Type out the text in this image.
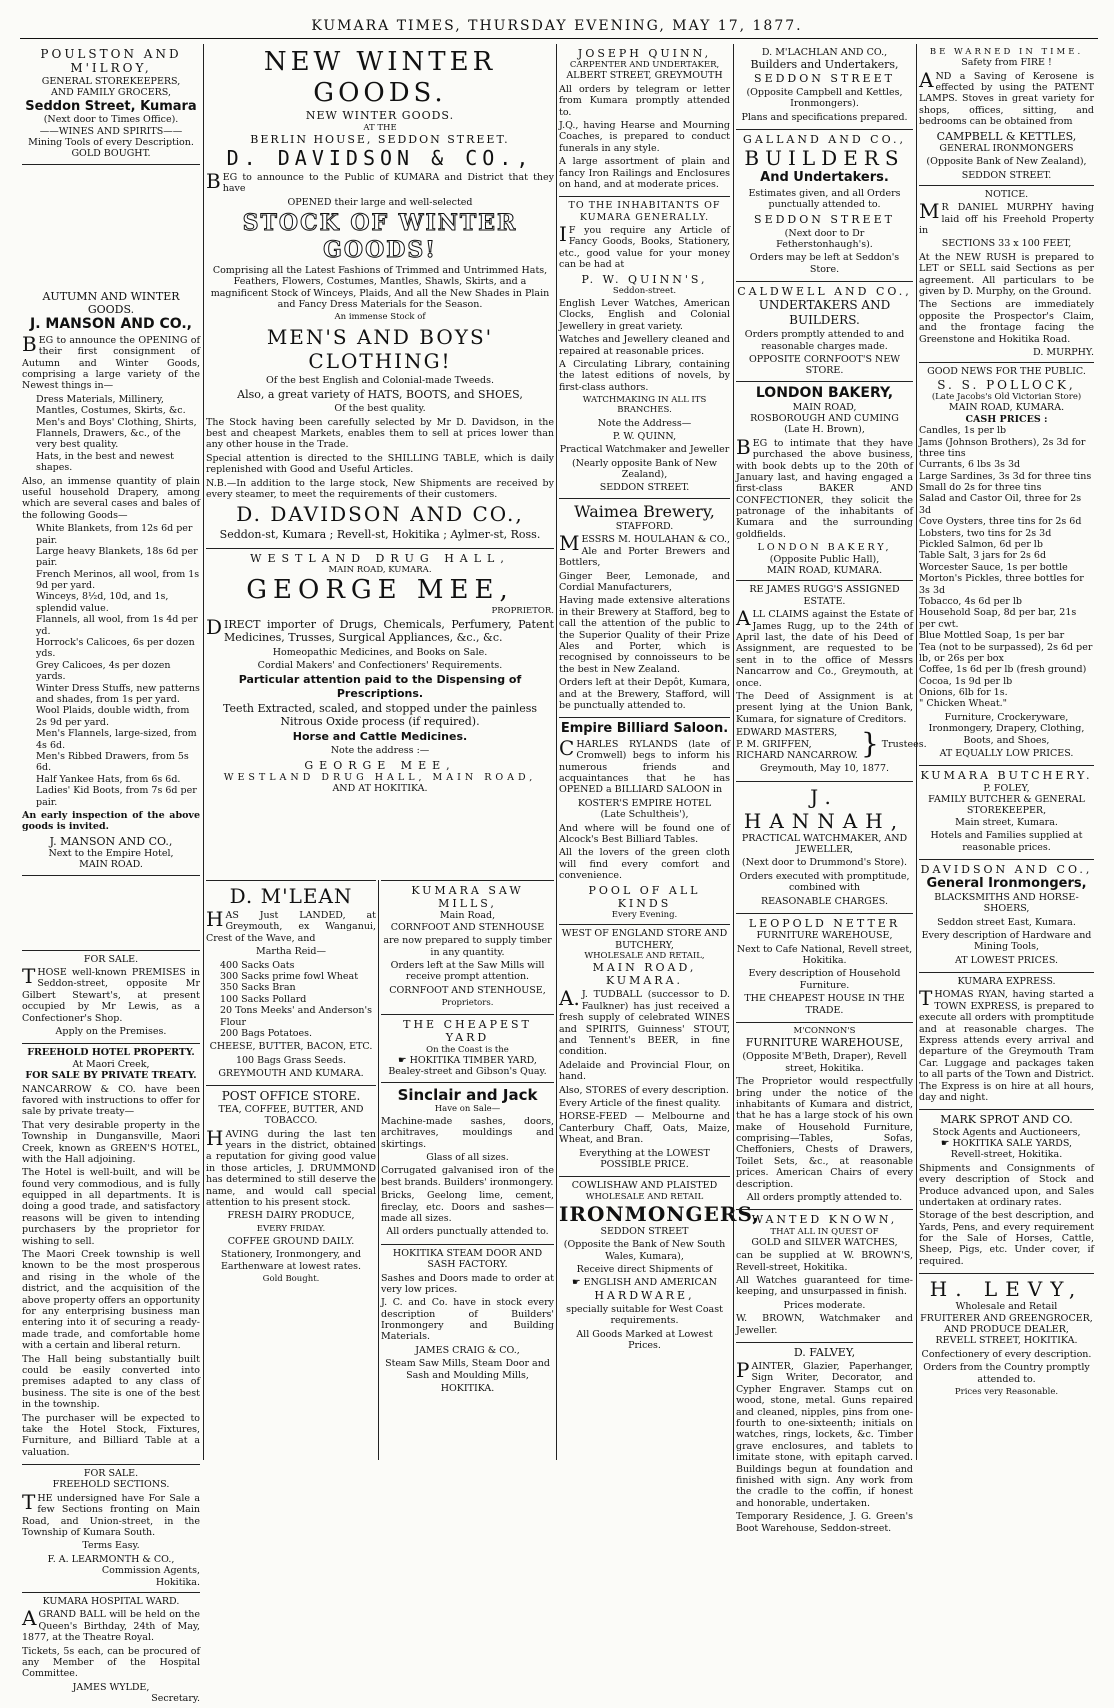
KUMARA TIMES, THURSDAY EVENING, MAY 17, 1877.
POULSTON AND M'ILROY,
GENERAL STOREKEEPERS,
AND FAMILY GROCERS,
Seddon Street, Kumara
(Next door to Times Office).
——WINES AND SPIRITS——
Mining Tools of every Description.
GOLD BOUGHT.
AUTUMN AND WINTER GOODS.
J. MANSON AND CO.,

BEG to announce the OPENING of their first consignment of Autumn and Winter Goods, comprising a large variety of the Newest things in—

Dress Materials, Millinery, Mantles, Costumes, Skirts, &c.
Men's and Boys' Clothing, Shirts, Flannels, Drawers, &c., of the very best quality.
Hats, in the best and newest shapes.

Also, an immense quantity of plain useful household Drapery, among which are several cases and bales of the following Goods—

White Blankets, from 12s 6d per pair.
Large heavy Blankets, 18s 6d per pair.
French Merinos, all wool, from 1s 9d per yard.
Winceys, 8½d, 10d, and 1s, splendid value.
Flannels, all wool, from 1s 4d per yd.
Horrock's Calicoes, 6s per dozen yds.
Grey Calicoes, 4s per dozen yards.
Winter Dress Stuffs, new patterns and shades, from 1s per yard.
Wool Plaids, double width, from 2s 9d per yard.
Men's Flannels, large-sized, from 4s 6d.
Men's Ribbed Drawers, from 5s 6d.
Half Yankee Hats, from 6s 6d.
Ladies' Kid Boots, from 7s 6d per pair.

An early inspection of the above goods is invited.

J. MANSON AND CO.,
Next to the Empire Hotel,
MAIN ROAD.
FOR SALE.

THOSE well-known PREMISES in Seddon-street, opposite Mr Gilbert Stewart's, at present occupied by Mr Lewis, as a Confectioner's Shop.

Apply on the Premises.

FREEHOLD HOTEL PROPERTY.
At Maori Creek,
FOR SALE BY PRIVATE TREATY.

NANCARROW & CO. have been favored with instructions to offer for sale by private treaty—

That very desirable property in the Township in Dungansville, Maori Creek, known as GREEN'S HOTEL, with the Hall adjoining.

The Hotel is well-built, and will be found very commodious, and is fully equipped in all departments. It is doing a good trade, and satisfactory reasons will be given to intending purchasers by the proprietor for wishing to sell.

The Maori Creek township is well known to be the most prosperous and rising in the whole of the district, and the acquisition of the above property offers an opportunity for any enterprising business man entering into it of securing a ready-made trade, and comfortable home with a certain and liberal return.

The Hall being substantially built could be easily converted into premises adapted to any class of business. The site is one of the best in the township.

The purchaser will be expected to take the Hotel Stock, Fixtures, Furniture, and Billiard Table at a valuation.

FOR SALE.
FREEHOLD SECTIONS.

THE undersigned have For Sale a few Sections fronting on Main Road, and Union-street, in the Township of Kumara South.

Terms Easy.

F. A. LEARMONTH & CO.,
Commission Agents,
Hokitika.
KUMARA HOSPITAL WARD.

AGRAND BALL will be held on the Queen's Birthday, 24th of May, 1877, at the Theatre Royal.

Tickets, 5s each, can be procured of any Member of the Hospital Committee.

JAMES WYLDE,
Secretary.
NEW WINTER GOODS.
NEW WINTER GOODS.
AT THE
BERLIN HOUSE, SEDDON STREET.
D. DAVIDSON & CO.,

BEG to announce to the Public of KUMARA and District that they have

OPENED their large and well-selected

STOCK OF WINTER GOODS!

Comprising all the Latest Fashions of Trimmed and Untrimmed Hats, Feathers, Flowers, Costumes, Mantles, Shawls, Skirts, and a magnificent Stock of Winceys, Plaids, And all the New Shades in Plain and Fancy Dress Materials for the Season.

An immense Stock of

MEN'S AND BOYS' CLOTHING!

Of the best English and Colonial-made Tweeds.

Also, a great variety of HATS, BOOTS, and SHOES,

Of the best quality.

The Stock having been carefully selected by Mr D. Davidson, in the best and cheapest Markets, enables them to sell at prices lower than any other house in the Trade.

Special attention is directed to the SHILLING TABLE, which is daily replenished with Good and Useful Articles.

N.B.—In addition to the large stock, New Shipments are received by every steamer, to meet the requirements of their customers.

D. DAVIDSON AND CO.,

Seddon-st, Kumara ; Revell-st, Hokitika ; Aylmer-st, Ross.

WESTLAND DRUG HALL,
MAIN ROAD, KUMARA.
GEORGE MEE,
PROPRIETOR.

DIRECT importer of Drugs, Chemicals, Perfumery, Patent Medicines, Trusses, Surgical Appliances, &c., &c.

Homeopathic Medicines, and Books on Sale.

Cordial Makers' and Confectioners' Requirements.

Particular attention paid to the Dispensing of Prescriptions.

Teeth Extracted, scaled, and stopped under the painless Nitrous Oxide process (if required).

Horse and Cattle Medicines.

Note the address :—

GEORGE MEE,
WESTLAND DRUG HALL, MAIN ROAD,
AND AT HOKITIKA.
D. M'LEAN

HAS Just LANDED, at Greymouth, ex Wanganui, Crest of the Wave, and

Martha Reid—

400 Sacks Oats
300 Sacks prime fowl Wheat
350 Sacks Bran
100 Sacks Pollard
20 Tons Meeks' and Anderson's Flour
200 Bags Potatoes.

CHEESE, BUTTER, BACON, ETC.

100 Bags Grass Seeds.

GREYMOUTH AND KUMARA.

POST OFFICE STORE.
TEA, COFFEE, BUTTER, AND TOBACCO.

HAVING during the last ten years in the district, obtained a reputation for giving good value in those articles, J. DRUMMOND has determined to still deserve the name, and would call special attention to his present stock.

FRESH DAIRY PRODUCE,

EVERY FRIDAY.

COFFEE GROUND DAILY.

Stationery, Ironmongery, and Earthenware at lowest rates.

Gold Bought.

KUMARA SAW MILLS,
Main Road,
CORNFOOT AND STENHOUSE

are now prepared to supply timber in any quantity.

Orders left at the Saw Mills will receive prompt attention.

CORNFOOT AND STENHOUSE,

Proprietors.

THE CHEAPEST YARD
On the Coast is the
☛ HOKITIKA TIMBER YARD,
Bealey-street and Gibson's Quay.
Sinclair and Jack
Have on Sale—

Machine-made sashes, doors, architraves, mouldings and skirtings.

Glass of all sizes.

Corrugated galvanised iron of the best brands. Builders' ironmongery.

Bricks, Geelong lime, cement, fireclay, etc. Doors and sashes—made all sizes.

All orders punctually attended to.

HOKITIKA STEAM DOOR AND SASH FACTORY.

Sashes and Doors made to order at very low prices.

J. C. and Co. have in stock every description of Builders' Ironmongery and Building Materials.

JAMES CRAIG & CO.,

Steam Saw Mills, Steam Door and Sash and Moulding Mills,

HOKITIKA.

JOSEPH QUINN,
CARPENTER AND UNDERTAKER,
ALBERT STREET, GREYMOUTH

All orders by telegram or letter from Kumara promptly attended to.

J.Q., having Hearse and Mourning Coaches, is prepared to conduct funerals in any style.

A large assortment of plain and fancy Iron Railings and Enclosures on hand, and at moderate prices.

TO THE INHABITANTS OF KUMARA GENERALLY.

IF you require any Article of Fancy Goods, Books, Stationery, etc., good value for your money can be had at

P. W. QUINN'S,
Seddon-street.

English Lever Watches, American Clocks, English and Colonial Jewellery in great variety.

Watches and Jewellery cleaned and repaired at reasonable prices.

A Circulating Library, containing the latest editions of novels, by first-class authors.

WATCHMAKING IN ALL ITS BRANCHES.

Note the Address—

P. W. QUINN,

Practical Watchmaker and Jeweller

(Nearly opposite Bank of New Zealand),

SEDDON STREET.
Waimea Brewery,
STAFFORD.

MESSRS M. HOULAHAN & CO., Ale and Porter Brewers and Bottlers,

Ginger Beer, Lemonade, and Cordial Manufacturers,

Having made extensive alterations in their Brewery at Stafford, beg to call the attention of the public to the Superior Quality of their Prize Ales and Porter, which is recognised by connoisseurs to be the best in New Zealand.

Orders left at their Depôt, Kumara, and at the Brewery, Stafford, will be punctually attended to.

Empire Billiard Saloon.

CHARLES RYLANDS (late of Cromwell) begs to inform his numerous friends and acquaintances that he has OPENED a BILLIARD SALOON in

KOSTER'S EMPIRE HOTEL
(Late Schultheis'),

And where will be found one of Alcock's Best Billiard Tables.

All the lovers of the green cloth will find every comfort and convenience.

POOL OF ALL KINDS
Every Evening.
WEST OF ENGLAND STORE AND BUTCHERY,
WHOLESALE AND RETAIL,
MAIN ROAD, KUMARA.

A.J. TUDBALL (successor to D. Faulkner) has just received a fresh supply of celebrated WINES and SPIRITS, Guinness' STOUT, and Tennent's BEER, in fine condition.

Adelaide and Provincial Flour, on hand.

Also, STORES of every description.

Every Article of the finest quality.

HORSE-FEED — Melbourne and Canterbury Chaff, Oats, Maize, Wheat, and Bran.

Everything at the LOWEST POSSIBLE PRICE.

COWLISHAW AND PLAISTED
WHOLESALE AND RETAIL
IRONMONGERS,
SEDDON STREET

(Opposite the Bank of New South Wales, Kumara),

Receive direct Shipments of

☛ ENGLISH AND AMERICAN
HARDWARE,

specially suitable for West Coast requirements.

All Goods Marked at Lowest Prices.

D. M'LACHLAN AND CO.,
Builders and Undertakers,
SEDDON STREET

(Opposite Campbell and Kettles, Ironmongers).

Plans and specifications prepared.

GALLAND AND CO.,
BUILDERS
And Undertakers.

Estimates given, and all Orders punctually attended to.

SEDDON STREET

(Next door to Dr Fetherstonhaugh's).

Orders may be left at Seddon's Store.

CALDWELL AND CO.,
UNDERTAKERS AND BUILDERS.

Orders promptly attended to and reasonable charges made.

OPPOSITE CORNFOOT'S NEW STORE.
LONDON BAKERY,
MAIN ROAD,
ROSBOROUGH AND CUMING
(Late H. Brown),

BEG to intimate that they have purchased the above business, with book debts up to the 20th of January last, and having engaged a first-class BAKER AND CONFECTIONER, they solicit the patronage of the inhabitants of Kumara and the surrounding goldfields.

LONDON BAKERY,
(Opposite Public Hall),
MAIN ROAD, KUMARA.
RE JAMES RUGG'S ASSIGNED ESTATE.

ALL CLAIMS against the Estate of James Rugg, up to the 24th of April last, the date of his Deed of Assignment, are requested to be sent in to the office of Messrs Nancarrow and Co., Greymouth, at once.

The Deed of Assignment is at present lying at the Union Bank, Kumara, for signature of Creditors.

EDWARD MASTERS,
P. M. GRIFFEN,
RICHARD NANCARROW. } Trustees.

Greymouth, May 10, 1877.

J. HANNAH,
PRACTICAL WATCHMAKER, AND JEWELLER,

(Next door to Drummond's Store).

Orders executed with promptitude, combined with

REASONABLE CHARGES.

LEOPOLD NETTER
FURNITURE WAREHOUSE,

Next to Cafe National, Revell street, Hokitika.

Every description of Household Furniture.

THE CHEAPEST HOUSE IN THE TRADE.

M'CONNON'S
FURNITURE WAREHOUSE,

(Opposite M'Beth, Draper), Revell street, Hokitika.

The Proprietor would respectfully bring under the notice of the inhabitants of Kumara and district, that he has a large stock of his own make of Household Furniture, comprising—Tables, Sofas, Cheffoniers, Chests of Drawers, Toilet Sets, &c., at reasonable prices. American Chairs of every description.

All orders promptly attended to.

WANTED KNOWN,
THAT ALL IN QUEST OF
GOLD and SILVER WATCHES,

can be supplied at W. BROWN'S, Revell-street, Hokitika.

All Watches guaranteed for time-keeping, and unsurpassed in finish.

Prices moderate.

W. BROWN, Watchmaker and Jeweller.

D. FALVEY,

PAINTER, Glazier, Paperhanger, Sign Writer, Decorator, and Cypher Engraver. Stamps cut on wood, stone, metal. Guns repaired and cleaned, nipples, pins from one-fourth to one-sixteenth; initials on watches, rings, lockets, &c. Timber grave enclosures, and tablets to imitate stone, with epitaph carved. Buildings begun at foundation and finished with sign. Any work from the cradle to the coffin, if honest and honorable, undertaken.

Temporary Residence, J. G. Green's Boot Warehouse, Seddon-street.

BE WARNED IN TIME.
Safety from FIRE !

AND a Saving of Kerosene is effected by using the PATENT LAMPS. Stoves in great variety for shops, offices, sitting, and bedrooms can be obtained from

CAMPBELL & KETTLES,
GENERAL IRONMONGERS

(Opposite Bank of New Zealand),

SEDDON STREET.
NOTICE.

MR DANIEL MURPHY having laid off his Freehold Property in

SECTIONS 33 x 100 FEET,

At the NEW RUSH is prepared to LET or SELL said Sections as per agreement. All particulars to be given by D. Murphy, on the Ground.

The Sections are immediately opposite the Prospector's Claim, and the frontage facing the Greenstone and Hokitika Road.

D. MURPHY.
GOOD NEWS FOR THE PUBLIC.
S. S. POLLOCK,
(Late Jacobs's Old Victorian Store)
MAIN ROAD, KUMARA.
CASH PRICES :
Candles, 1s per lb
Jams (Johnson Brothers), 2s 3d for three tins
Currants, 6 lbs 3s 3d
Large Sardines, 3s 3d for three tins
Small do 2s for three tins
Salad and Castor Oil, three for 2s 3d
Cove Oysters, three tins for 2s 6d
Lobsters, two tins for 2s 3d
Pickled Salmon, 6d per lb
Table Salt, 3 jars for 2s 6d
Worcester Sauce, 1s per bottle
Morton's Pickles, three bottles for 3s 3d
Tobacco, 4s 6d per lb
Household Soap, 8d per bar, 21s per cwt.
Blue Mottled Soap, 1s per bar
Tea (not to be surpassed), 2s 6d per lb, or 26s per box
Coffee, 1s 6d per lb (fresh ground)
Cocoa, 1s 9d per lb
Onions, 6lb for 1s.
" Chicken Wheat."

Furniture, Crockeryware, Ironmongery, Drapery, Clothing, Boots, and Shoes,

AT EQUALLY LOW PRICES.

KUMARA BUTCHERY.
P. FOLEY,
FAMILY BUTCHER & GENERAL STOREKEEPER,
Main street, Kumara.

Hotels and Families supplied at reasonable prices.

DAVIDSON AND CO.,
General Ironmongers,
BLACKSMITHS AND HORSE-SHOERS,

Seddon street East, Kumara.

Every description of Hardware and Mining Tools,

AT LOWEST PRICES.

KUMARA EXPRESS.

THOMAS RYAN, having started a TOWN EXPRESS, is prepared to execute all orders with promptitude and at reasonable charges. The Express attends every arrival and departure of the Greymouth Tram Car. Luggage and packages taken to all parts of the Town and District. The Express is on hire at all hours, day and night.

MARK SPROT AND CO.
Stock Agents and Auctioneers,
☛ HOKITIKA SALE YARDS,
Revell-street, Hokitika.

Shipments and Consignments of every description of Stock and Produce advanced upon, and Sales undertaken at ordinary rates.

Storage of the best description, and Yards, Pens, and every requirement for the Sale of Horses, Cattle, Sheep, Pigs, etc. Under cover, if required.

H. LEVY,
Wholesale and Retail
FRUITERER AND GREENGROCER,
AND PRODUCE DEALER,
REVELL STREET, HOKITIKA.

Confectionery of every description.

Orders from the Country promptly attended to.

Prices very Reasonable.
